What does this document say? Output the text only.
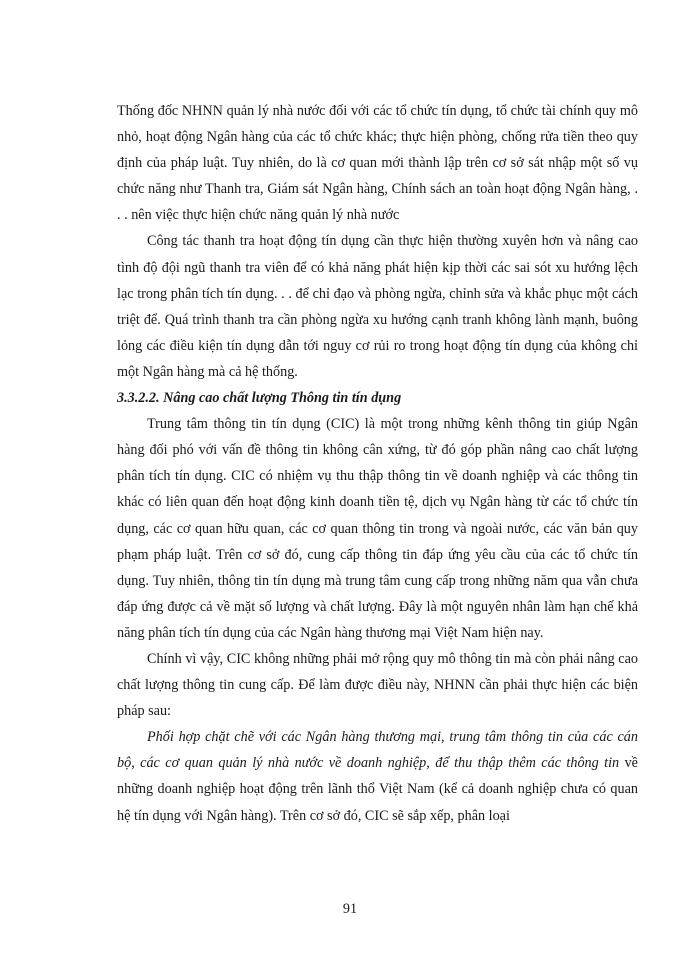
Thống đốc NHNN quản lý nhà nước đối với các tổ chức tín dụng, tổ chức tài chính quy mô nhỏ, hoạt động Ngân hàng của các tổ chức khác; thực hiện phòng, chống rửa tiền theo quy định của pháp luật. Tuy nhiên, do là cơ quan mới thành lập trên cơ sở sát nhập một số vụ chức năng như Thanh tra, Giám sát Ngân hàng, Chính sách an toàn hoạt động Ngân hàng, . . . nên việc thực hiện chức năng quản lý nhà nước

Công tác thanh tra hoạt động tín dụng cần thực hiện thường xuyên hơn và nâng cao tình độ đội ngũ thanh tra viên để có khả năng phát hiện kịp thời các sai sót xu hướng lệch lạc trong phân tích tín dụng. . . để chỉ đạo và phòng ngừa, chỉnh sửa và khắc phục một cách triệt để. Quá trình thanh tra cần phòng ngừa xu hướng cạnh tranh không lành mạnh, buông lỏng các điều kiện tín dụng dẫn tới nguy cơ rủi ro trong hoạt động tín dụng của không chỉ một Ngân hàng mà cả hệ thống.

3.3.2.2. Nâng cao chất lượng Thông tin tín dụng

Trung tâm thông tin tín dụng (CIC) là một trong những kênh thông tin giúp Ngân hàng đối phó với vấn đề thông tin không cân xứng, từ đó góp phần nâng cao chất lượng phân tích tín dụng. CIC có nhiệm vụ thu thập thông tin về doanh nghiệp và các thông tin khác có liên quan đến hoạt động kinh doanh tiền tệ, dịch vụ Ngân hàng từ các tổ chức tín dụng, các cơ quan hữu quan, các cơ quan thông tin trong và ngoài nước, các văn bản quy phạm pháp luật. Trên cơ sở đó, cung cấp thông tin đáp ứng yêu cầu của các tổ chức tín dụng. Tuy nhiên, thông tin tín dụng mà trung tâm cung cấp trong những năm qua vẫn chưa đáp ứng được cả về mặt số lượng và chất lượng. Đây là một nguyên nhân làm hạn chế khả năng phân tích tín dụng của các Ngân hàng thương mại Việt Nam hiện nay.

Chính vì vậy, CIC không những phải mở rộng quy mô thông tin mà còn phải nâng cao chất lượng thông tin cung cấp. Để làm được điều này, NHNN cần phải thực hiện các biện pháp sau:

Phối hợp chặt chẽ với các Ngân hàng thương mại, trung tâm thông tin của các cán bộ, các cơ quan quản lý nhà nước về doanh nghiệp, để thu thập thêm các thông tin về những doanh nghiệp hoạt động trên lãnh thổ Việt Nam (kể cả doanh nghiệp chưa có quan hệ tín dụng với Ngân hàng). Trên cơ sở đó, CIC sẽ sắp xếp, phân loại

91
